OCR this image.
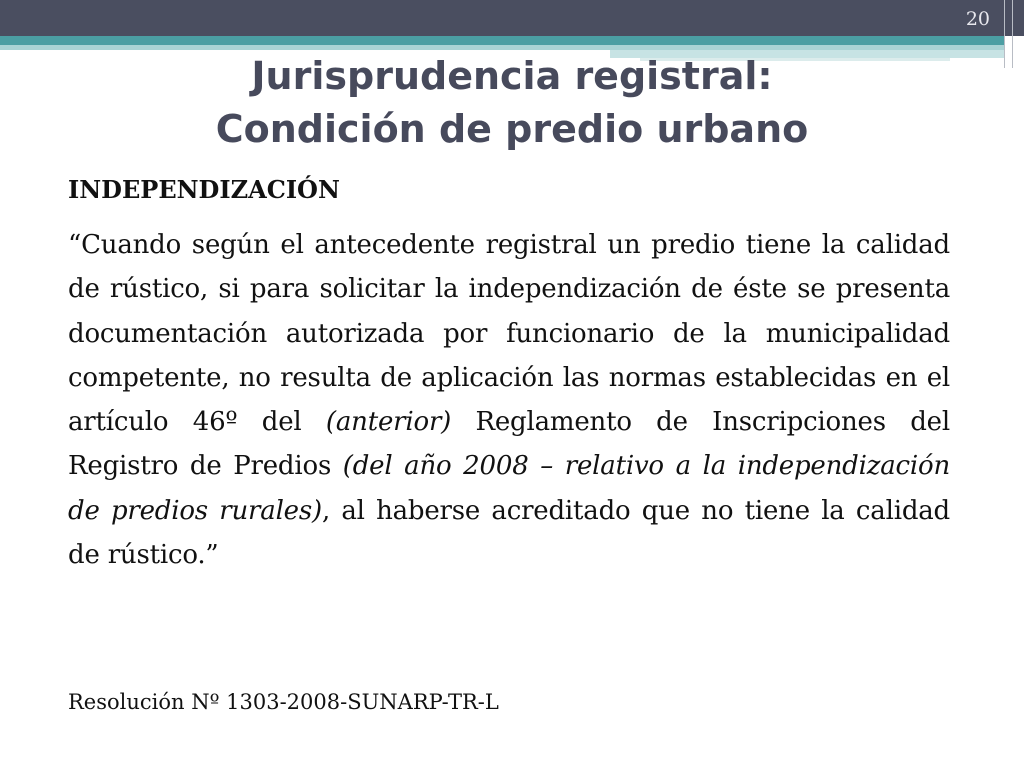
20
Jurisprudencia registral:
Condición de predio urbano
INDEPENDIZACIÓN
“Cuando según el antecedente registral un predio tiene la calidad de rústico, si para solicitar la independización de éste se presenta documentación autorizada por funcionario de la municipalidad competente, no resulta de aplicación las normas establecidas en el artículo 46º del (anterior) Reglamento de Inscripciones del Registro de Predios (del año 2008 – relativo a la independización de predios rurales), al haberse acreditado que no tiene la calidad de rústico.”
Resolución Nº 1303-2008-SUNARP-TR-L
